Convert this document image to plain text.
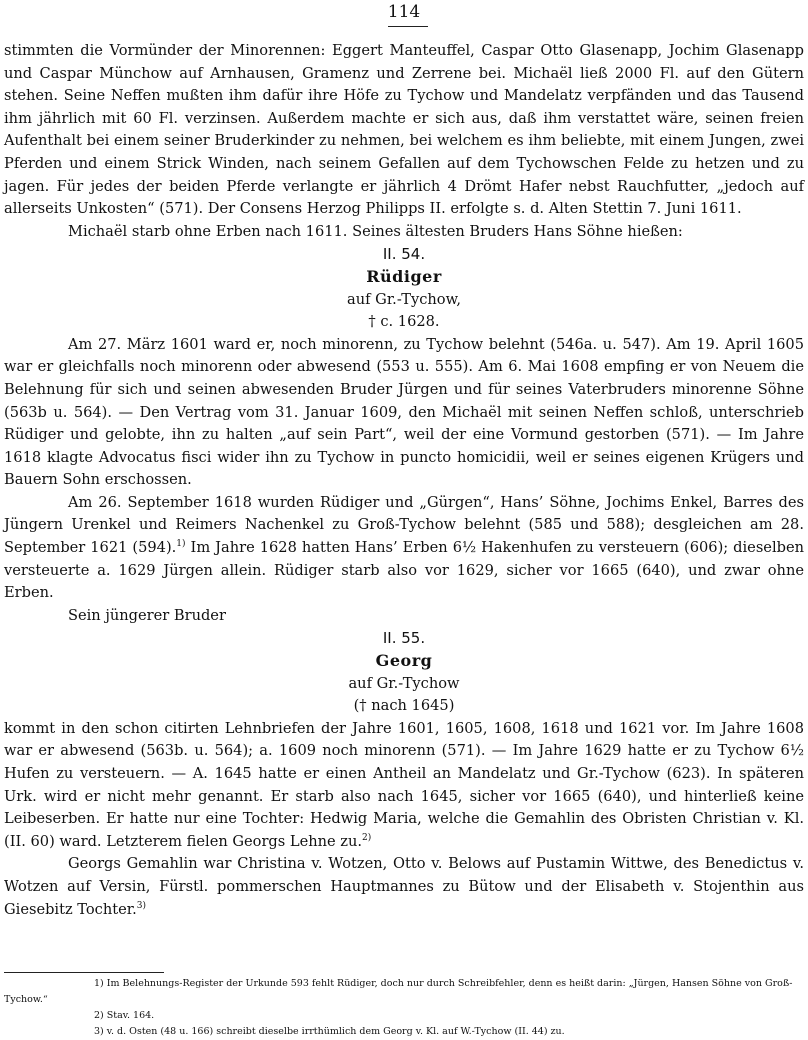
114

stimmten die Vormünder der Minorennen: Eggert Manteuffel, Caspar Otto Glasenapp, Jochim Glasenapp und Caspar Münchow auf Arnhausen, Gramenz und Zerrene bei. Michaël ließ 2000 Fl. auf den Gütern stehen. Seine Neffen mußten ihm dafür ihre Höfe zu Tychow und Mandelatz verpfänden und das Tausend ihm jährlich mit 60 Fl. verzinsen. Außerdem machte er sich aus, daß ihm verstattet wäre, seinen freien Aufenthalt bei einem seiner Bruderkinder zu nehmen, bei welchem es ihm beliebte, mit einem Jungen, zwei Pferden und einem Strick Winden, nach seinem Gefallen auf dem Tychowschen Felde zu hetzen und zu jagen. Für jedes der beiden Pferde verlangte er jährlich 4 Drömt Hafer nebst Rauchfutter, „jedoch auf allerseits Unkosten“ (571). Der Consens Herzog Philipps II. erfolgte s. d. Alten Stettin 7. Juni 1611.

Michaël starb ohne Erben nach 1611. Seines ältesten Bruders Hans Söhne hießen:

II. 54.

Rüdiger

auf Gr.-Tychow,

† c. 1628.

Am 27. März 1601 ward er, noch minorenn, zu Tychow belehnt (546a. u. 547). Am 19. April 1605 war er gleichfalls noch minorenn oder abwesend (553 u. 555). Am 6. Mai 1608 empfing er von Neuem die Belehnung für sich und seinen abwesenden Bruder Jürgen und für seines Vaterbruders minorenne Söhne (563b u. 564). — Den Vertrag vom 31. Januar 1609, den Michaël mit seinen Neffen schloß, unterschrieb Rüdiger und gelobte, ihn zu halten „auf sein Part“, weil der eine Vormund gestorben (571). — Im Jahre 1618 klagte Advocatus fisci wider ihn zu Tychow in puncto homicidii, weil er seines eigenen Krügers und Bauern Sohn erschossen.

Am 26. September 1618 wurden Rüdiger und „Gürgen“, Hans’ Söhne, Jochims Enkel, Barres des Jüngern Urenkel und Reimers Nachenkel zu Groß-Tychow belehnt (585 und 588); desgleichen am 28. September 1621 (594).$^{1)}$ Im Jahre 1628 hatten Hans’ Erben 6½ Hakenhufen zu versteuern (606); dieselben versteuerte a. 1629 Jürgen allein. Rüdiger starb also vor 1629, sicher vor 1665 (640), und zwar ohne Erben.

Sein jüngerer Bruder

II. 55.

Georg

auf Gr.-Tychow

(† nach 1645)

kommt in den schon citirten Lehnbriefen der Jahre 1601, 1605, 1608, 1618 und 1621 vor. Im Jahre 1608 war er abwesend (563b. u. 564); a. 1609 noch minorenn (571). — Im Jahre 1629 hatte er zu Tychow 6½ Hufen zu versteuern. — A. 1645 hatte er einen Antheil an Mandelatz und Gr.-Tychow (623). In späteren Urk. wird er nicht mehr genannt. Er starb also nach 1645, sicher vor 1665 (640), und hinterließ keine Leibeserben. Er hatte nur eine Tochter: Hedwig Maria, welche die Gemahlin des Obristen Christian v. Kl. (II. 60) ward. Letzterem fielen Georgs Lehne zu.$^{2)}$

Georgs Gemahlin war Christina v. Wotzen, Otto v. Belows auf Pustamin Wittwe, des Benedictus v. Wotzen auf Versin, Fürstl. pommerschen Hauptmannes zu Bütow und der Elisabeth v. Stojenthin aus Giesebitz Tochter.$^{3)}$

1) Im Belehnungs-Register der Urkunde 593 fehlt Rüdiger, doch nur durch Schreibfehler, denn es heißt darin: „Jürgen, Hansen Söhne von Groß-Tychow.“

2) Stav. 164.

3) v. d. Osten (48 u. 166) schreibt dieselbe irrthümlich dem Georg v. Kl. auf W.-Tychow (II. 44) zu.
